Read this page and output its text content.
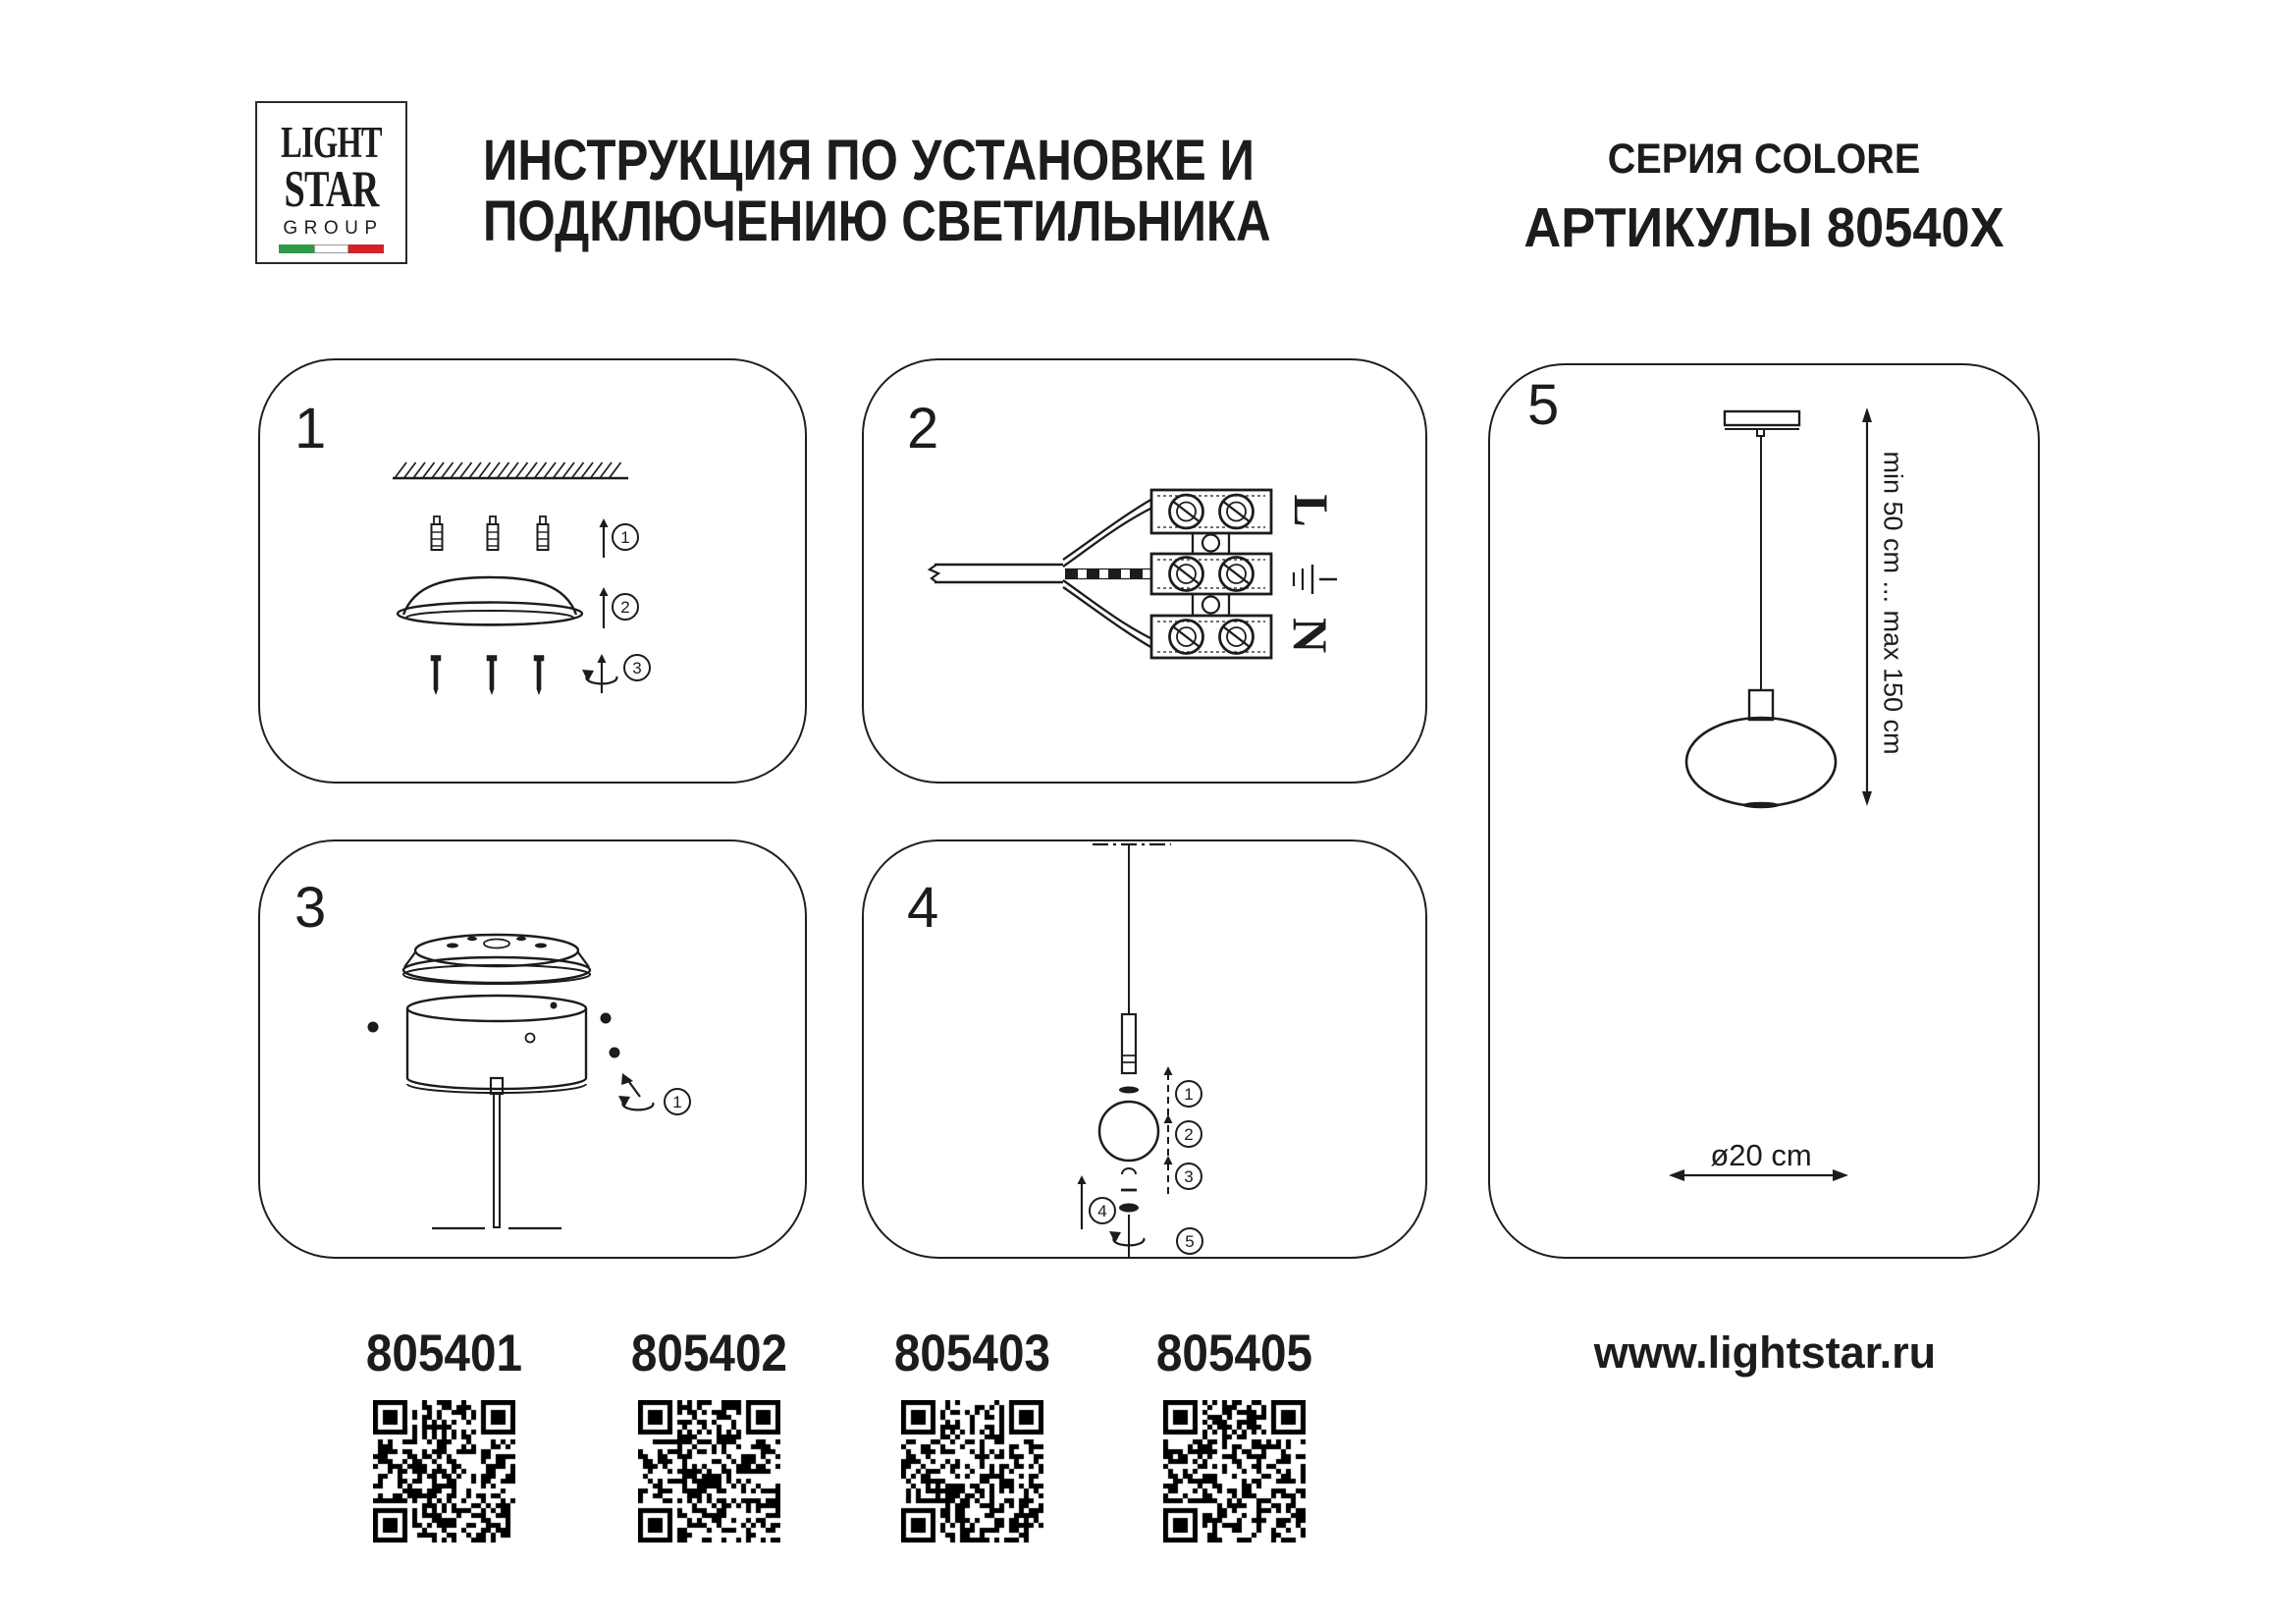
LIGHT
STAR
GROUP
ИНСТРУКЦИЯ ПО УСТАНОВКЕ И
ПОДКЛЮЧЕНИЮ СВЕТИЛЬНИКА
СЕРИЯ COLORE
АРТИКУЛЫ 80540X
1	2
3	4
5
1
2
3
1	1
2
3
4
5
L
N	min 50 cm ... max 150 cm
ø20 cm
805401 805402 805403 805405	www.lightstar.ru
